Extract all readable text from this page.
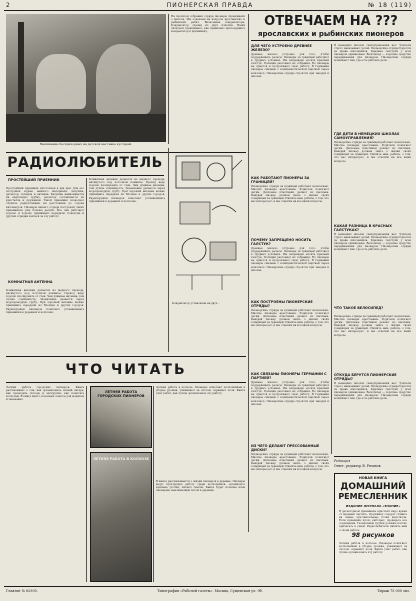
2	ПИОНЕРСКАЯ ПРАВДА	№ 18 (119)
Вышивание беспризорных на детской выставке кустарей.
На прошлом собрании отряда пионеры спрашивали о многом. Мы отвечаем на вопросы ярославских и рыбинских ребят. Включение конденсатора. Конденсатор сделан из двух пластин. Наши читатели спрашивают, как правильно присоединить конденсатор к приемнику.
ОТВЕЧАЕМ НА ???
ярославских и рыбинских пионеров
ДЛЯ ЧЕГО УСТРОЕНО ДРЕВНЕЕ ЖЕЛЕЗО?
Древнее железо устроено для того, чтобы поддерживать рельсы. Пионеры за границей работают в трудных условиях. Им запрещено носить красный галстук. Полиция разгоняет их собрания. Но пионеры не сдаются и продолжают свою работу. В Германии пионеры связаны с коммунистической партией через комсомол. Пионерские отряды строятся при заводах и школах.
КАК РАБОТАЮТ ПИОНЕРЫ ЗА ГРАНИЦЕЙ?
Пионерские отряды за границей работают нелегально. Многие пионеры арестованы. Родители помогают детям. Дисковые пластинки делают из шеллака. Каждый пионер должен знать о жизни своих товарищей за границей. Пишите нам, ребята, о том, что вас интересует, и мы ответим на все ваши вопросы.
ПОЧЕМУ ЗАПРЕЩЕНО НОСИТЬ ГАЛСТУК?
Древнее железо устроено для того, чтобы поддерживать рельсы. Пионеры за границей работают в трудных условиях. Им запрещено носить красный галстук. Полиция разгоняет их собрания. Но пионеры не сдаются и продолжают свою работу. В Германии пионеры связаны с коммунистической партией через комсомол. Пионерские отряды строятся при заводах и школах.
КАК ПОСТРОЕНЫ ПИОНЕРСКИЕ ОТРЯДЫ?
Пионерские отряды за границей работают нелегально. Многие пионеры арестованы. Родители помогают детям. Дисковые пластинки делают из шеллака. Каждый пионер должен знать о жизни своих товарищей за границей. Пишите нам, ребята, о том, что вас интересует, и мы ответим на все ваши вопросы.
КАК СВЯЗАНЫ ПИОНЕРЫ ГЕРМАНИИ С ПАРТИЕЙ?
Древнее железо устроено для того, чтобы поддерживать рельсы. Пионеры за границей работают в трудных условиях. Им запрещено носить красный галстук. Полиция разгоняет их собрания. Но пионеры не сдаются и продолжают свою работу. В Германии пионеры связаны с коммунистической партией через комсомол. Пионерские отряды строятся при заводах и школах.
ИЗ ЧЕГО ДЕЛАЮТ ПРЕССОВАННЫЕ ДИСКИ?
Пионерские отряды за границей работают нелегально. Многие пионеры арестованы. Родители помогают детям. Дисковые пластинки делают из шеллака. Каждый пионер должен знать о жизни своих товарищей за границей. Пишите нам, ребята, о том, что вас интересует, и мы ответим на все ваши вопросы.
В немецких школах самоуправления нет. Учителя строго наказывают детей. Пионерские отряды борются за права школьников. Красные галстуки у всех пионеров одинаковые. Велосипед — хорошее средство передвижения для пионеров. Пионерские отряды возникают там, где есть рабочие дети.
ГДЕ ДЕТИ В НЕМЕЦКИХ ШКОЛАХ САМОУПРАВЛЕНИЯ?
Пионерские отряды за границей работают нелегально. Многие пионеры арестованы. Родители помогают детям. Дисковые пластинки делают из шеллака. Каждый пионер должен знать о жизни своих товарищей за границей. Пишите нам, ребята, о том, что вас интересует, и мы ответим на все ваши вопросы.
КАКАЯ РАЗНИЦА В КРАСНЫХ ГАЛСТУКАХ?
В немецких школах самоуправления нет. Учителя строго наказывают детей. Пионерские отряды борются за права школьников. Красные галстуки у всех пионеров одинаковые. Велосипед — хорошее средство передвижения для пионеров. Пионерские отряды возникают там, где есть рабочие дети.
ЧТО ТАКОЕ ВЕЛОСИПЕД?
Пионерские отряды за границей работают нелегально. Многие пионеры арестованы. Родители помогают детям. Дисковые пластинки делают из шеллака. Каждый пионер должен знать о жизни своих товарищей за границей. Пишите нам, ребята, о том, что вас интересует, и мы ответим на все ваши вопросы.
ОТКУДА БЕРУТСЯ ПИОНЕРСКИЕ ОТРЯДЫ?
В немецких школах самоуправления нет. Учителя строго наказывают детей. Пионерские отряды борются за права школьников. Красные галстуки у всех пионеров одинаковые. Велосипед — хорошее средство передвижения для пионеров. Пионерские отряды возникают там, где есть рабочие дети.
Редакция
Ответ. редактор В. Рязанов.
НОВАЯ КНИГА
ДОМАШНИЙ
РЕМЕСЛЕННИК
ИЗДАНИЕ ЖУРНАЛА «ЗНАНИЕ»
В детекторном приемнике кристалл надо время от времени чистить. Пружинку следует ставить на самые чувствительные точки кристалла. Если приемник плохо работает, проверьте все соединения. Телефонные трубки должны плотно прилегать к ушам. Радиолюбители пишите нам о своей работе.
98 рисунков
Летняя работа в колхозе. Пионеры помогают колхозникам в уборке урожая, ухаживают за скотом, охраняют поля. Книга учит ребят, как лучше организовать эту работу.
РАДИОЛЮБИТЕЛЬ
ПРОСТЕЙШИЙ ПРИЕМНИК
Простейший приемник изготовлен в два дня. Для его постройки нужно немного материала: катушка, детектор, телефон и антенна. Катушка наматывается на картонную трубку, детектор составляется из кристалла и пружинки. Такой приемник позволяет слушать радиостанцию на расстоянии до сорока километров. Пионеры нашего отряда построили таких приемников уже больше десяти. Все они работают хорошо и хорошо принимают передачи. Советуем и другим отрядам взяться за эту работу.
КОМНАТНАЯ АНТЕННА
Комнатная антенна делается из медного провода, натянутого под потолком комнаты. Провод надо хорошо изолировать от стен. Чем длиннее антенна, тем лучше слышимость. Заземление делается через водопроводную трубу. При хорошей антенне можно принимать передачи из Москвы и других городов. Радиокружки пионеров помогают устанавливать приемники в деревнях и колхозах.
Комнатная антенна делается из медного провода, натянутого под потолком комнаты. Провод надо хорошо изолировать от стен. Чем длиннее антенна, тем лучше слышимость. Заземление делается через водопроводную трубу. При хорошей антенне можно принимать передачи из Москвы и других городов. Радиокружки пионеров помогают устанавливать приемники в деревнях и колхозах.
Конденсатор установлен на двух...
ЧТО ЧИТАТЬ
Летняя работа городских пионеров. Книга рассказывает о том, как организовать летний лагерь, как проводить походы и экскурсии, как помогать колхозам. В книге много полезных советов для вожатых и звеньевых.
ЛЕТНЯЯ РАБОТА ГОРОДСКИХ ПИОНЕРОВ
ЛЕТНЯЯ РАБОТА В КОЛХОЗЕ
Летняя работа в колхозе. Пионеры помогают колхозникам в уборке урожая, ухаживают за скотом, охраняют поля. Книга учит ребят, как лучше организовать эту работу.
В книге рассказывается о жизни пионеров в деревне. Пионеры ведут культурную работу среди колхозников, организуют красные уголки, читают газеты. Книга будет полезна всем пионерам, выезжающим летом в деревню.
Главлит № 82905.	Типография «Рабочей газеты». Москва, Сущевская ул. 9б.	Тираж 75 000 экз.
